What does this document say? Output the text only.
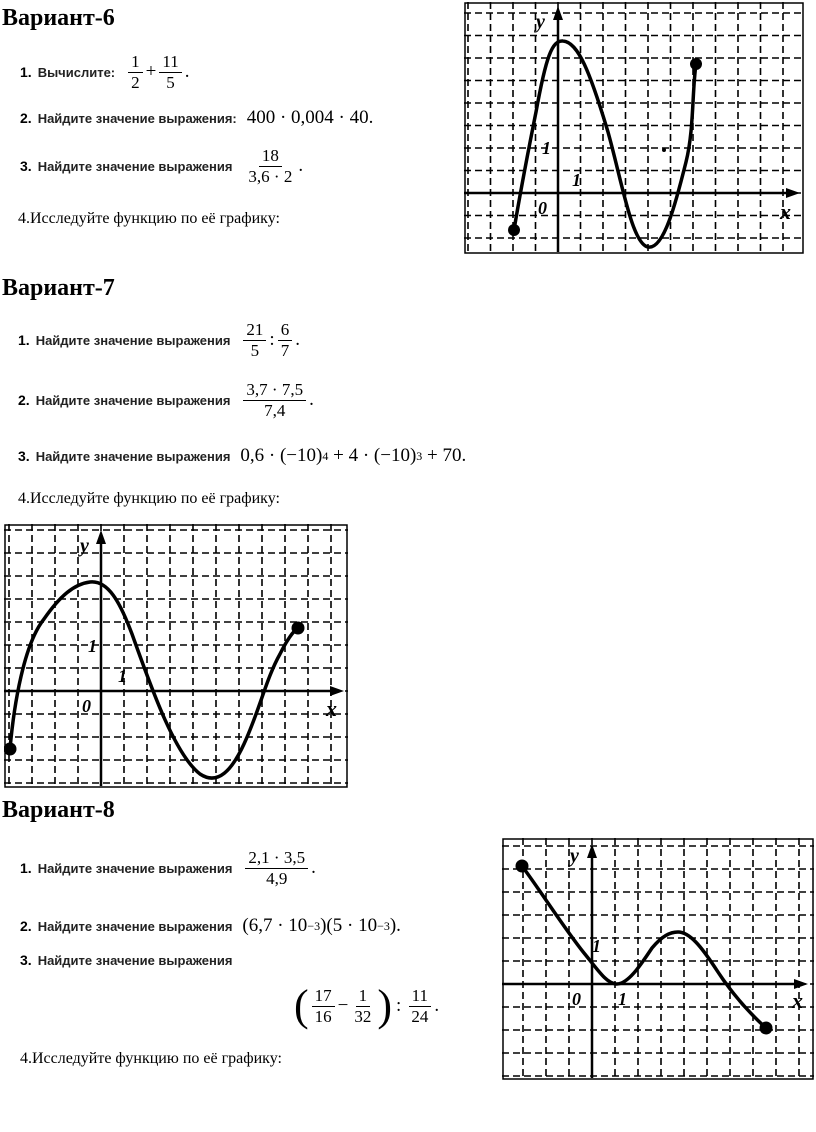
Вариант-6
1. Вычислите: $\frac{1}{2} + \frac{11}{5}$ .
2. Найдите значение выражения: 400 · 0,004 · 40.
3. Найдите значение выражения $\frac{18}{3,6 \cdot 2}$ .
4.Исследуйте функцию по её графику:
y
x
0
1
1
Вариант-7
1. Найдите значение выражения $\frac{21}{5}$ : $\frac{6}{7}$ .
2. Найдите значение выражения $\frac{3,7 \cdot 7,5}{7,4}$ .
3. Найдите значение выражения 0,6 · (−10) 4 + 4 · (−10) 3 + 70.
4.Исследуйте функцию по её графику:
y
x
0
1
1
Вариант-8
1. Найдите значение выражения $\frac{2,1 \cdot 3,5}{4,9}$ .
2. Найдите значение выражения (6,7 · 10 −3 )(5 · 10 −3 ).
3. Найдите значение выражения
( $\frac{17}{16} - \frac{1}{32}$ ) : $\frac{11}{24}$ .
4.Исследуйте функцию по её графику:
y
x
0
1
1
